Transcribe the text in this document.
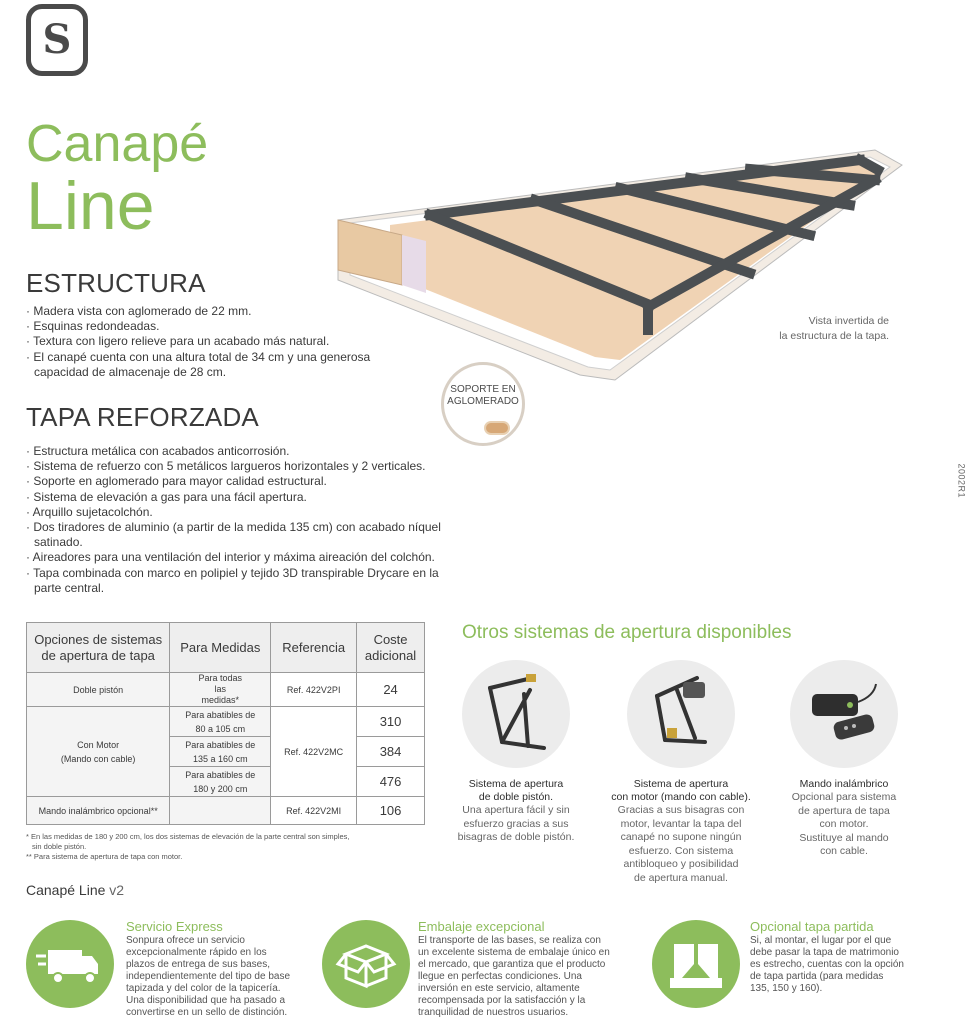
S
Canapé
Line
Vista invertida de
la estructura de la tapa.
2002R1
SOPORTE EN
AGLOMERADO
ESTRUCTURA
· Madera vista con aglomerado de 22 mm.
· Esquinas redondeadas.
· Textura con ligero relieve para un acabado más natural.
· El canapé cuenta con una altura total de 34 cm y una generosa capacidad de almacenaje de 28 cm.
TAPA REFORZADA
· Estructura metálica con acabados anticorrosión.
· Sistema de refuerzo con 5 metálicos largueros horizontales y 2 verticales.
· Soporte en aglomerado para mayor calidad estructural.
· Sistema de elevación a gas para una fácil apertura.
· Arquillo sujetacolchón.
· Dos tiradores de aluminio (a partir de la medida 135 cm) con acabado níquel satinado.
· Aireadores para una ventilación del interior y máxima aireación del colchón.
· Tapa combinada con marco en polipiel y tejido 3D transpirable Drycare en la parte central.
Opciones de sistemas de apertura de tapa	Para Medidas	Referencia	Coste adicional
Doble pistón	Para todas las medidas*	Ref. 422V2PI	24

Con Motor
(Mando con cable)	Para abatibles de
80 a 105 cm	Ref. 422V2MC	310

	Para abatibles de
135 a 160 cm		384

	Para abatibles de
180 y 200 cm		476
Mando inalámbrico opcional**		Ref. 422V2MI	106
* En las medidas de 180 y 200 cm, los dos sistemas de elevación de la parte central son simples,
sin doble pistón.
** Para sistema de apertura de tapa con motor.
Otros sistemas de apertura disponibles
Sistema de apertura
de doble pistón.
Una apertura fácil y sin
esfuerzo gracias a sus
bisagras de doble pistón.
Sistema de apertura
con motor (mando con cable).
Gracias a sus bisagras con
motor, levantar la tapa del
canapé no supone ningún
esfuerzo. Con sistema
antibloqueo y posibilidad
de apertura manual.
Mando inalámbrico
Opcional para sistema
de apertura de tapa
con motor.
Sustituye al mando
con cable.
Canapé Line v2
Servicio Express
Sonpura ofrece un servicio
excepcionalmente rápido en los
plazos de entrega de sus bases,
independientemente del tipo de base
tapizada y del color de la tapicería.
Una disponibilidad que ha pasado a
convertirse en un sello de distinción.
Embalaje excepcional
El transporte de las bases, se realiza con
un excelente sistema de embalaje único en
el mercado, que garantiza que el producto
llegue en perfectas condiciones. Una
inversión en este servicio, altamente
recompensada por la satisfacción y la
tranquilidad de nuestros usuarios.
Opcional tapa partida
Si, al montar, el lugar por el que
debe pasar la tapa de matrimonio
es estrecho, cuentas con la opción
de tapa partida (para medidas
135, 150 y 160).
